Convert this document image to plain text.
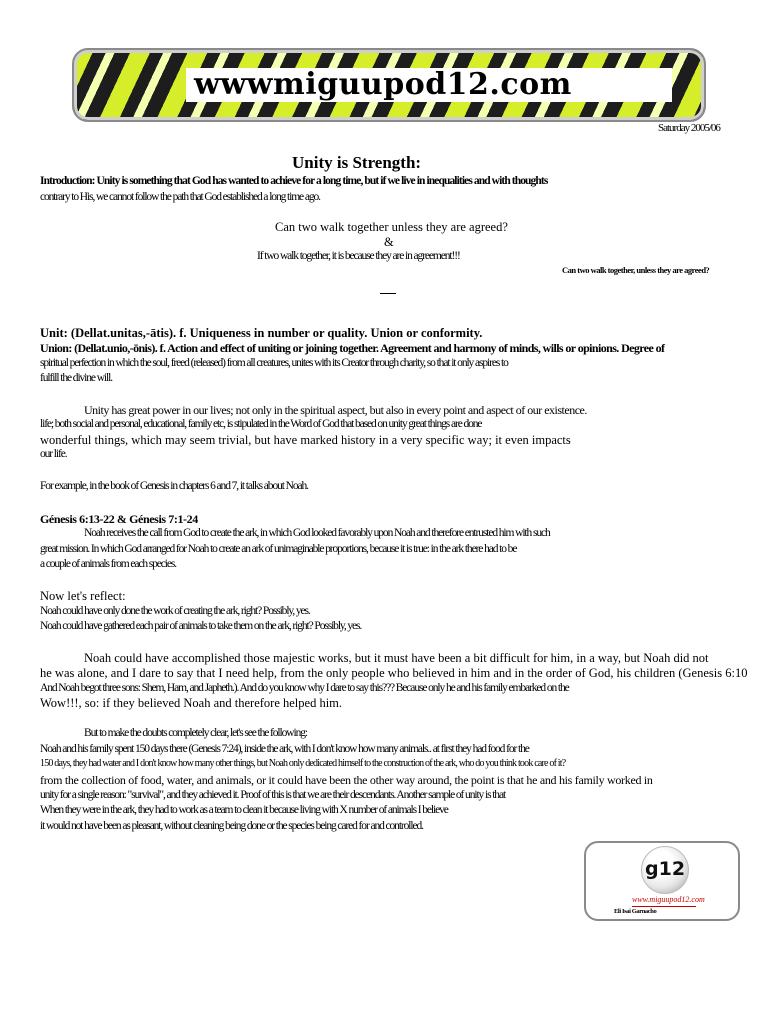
wwwmiguupod12.com
Saturday 2005/06
Unity is Strength:
Introduction: Unity is something that God has wanted to achieve for a long time, but if we live in inequalities and with thoughts
contrary to His, we cannot follow the path that God established a long time ago.
Can two walk together unless they are agreed?
&
If two walk together, it is because they are in agreement!!!
Can two walk together, unless they are agreed?
Unit: (Dellat.unitas,-ātis). f. Uniqueness in number or quality. Union or conformity.
Union: (Dellat.unio,-ōnis). f. Action and effect of uniting or joining together. Agreement and harmony of minds, wills or opinions. Degree of
spiritual perfection in which the soul, freed (released) from all creatures, unites with its Creator through charity, so that it only aspires to
fulfill the divine will.
Unity has great power in our lives; not only in the spiritual aspect, but also in every point and aspect of our existence.
life; both social and personal, educational, family etc, is stipulated in the Word of God that based on unity great things are done
wonderful things, which may seem trivial, but have marked history in a very specific way; it even impacts
our life.
For example, in the book of Genesis in chapters 6 and 7, it talks about Noah.
Génesis 6:13-22 & Génesis 7:1-24
Noah receives the call from God to create the ark, in which God looked favorably upon Noah and therefore entrusted him with such
great mission. In which God arranged for Noah to create an ark of unimaginable proportions, because it is true: in the ark there had to be
a couple of animals from each species.
Now let's reflect:
Noah could have only done the work of creating the ark, right? Possibly, yes.
Noah could have gathered each pair of animals to take them on the ark, right? Possibly, yes.
Noah could have accomplished those majestic works, but it must have been a bit difficult for him, in a way, but Noah did not
he was alone, and I dare to say that I need help, from the only people who believed in him and in the order of God, his children (Genesis 6:10
And Noah begot three sons: Shem, Ham, and Japheth.). And do you know why I dare to say this??? Because only he and his family embarked on the
Wow!!!, so: if they believed Noah and therefore helped him.
But to make the doubts completely clear, let's see the following:
Noah and his family spent 150 days there (Genesis 7:24), inside the ark, with I don't know how many animals.. at first they had food for the
150 days, they had water and I don't know how many other things, but Noah only dedicated himself to the construction of the ark, who do you think took care of it?
from the collection of food, water, and animals, or it could have been the other way around, the point is that he and his family worked in
unity for a single reason: "survival", and they achieved it. Proof of this is that we are their descendants. Another sample of unity is that
When they were in the ark, they had to work as a team to clean it because living with X number of animals I believe
it would not have been as pleasant, without cleaning being done or the species being cared for and controlled.
g12
www.miguupod12.com
Eli Isai Garnacho
